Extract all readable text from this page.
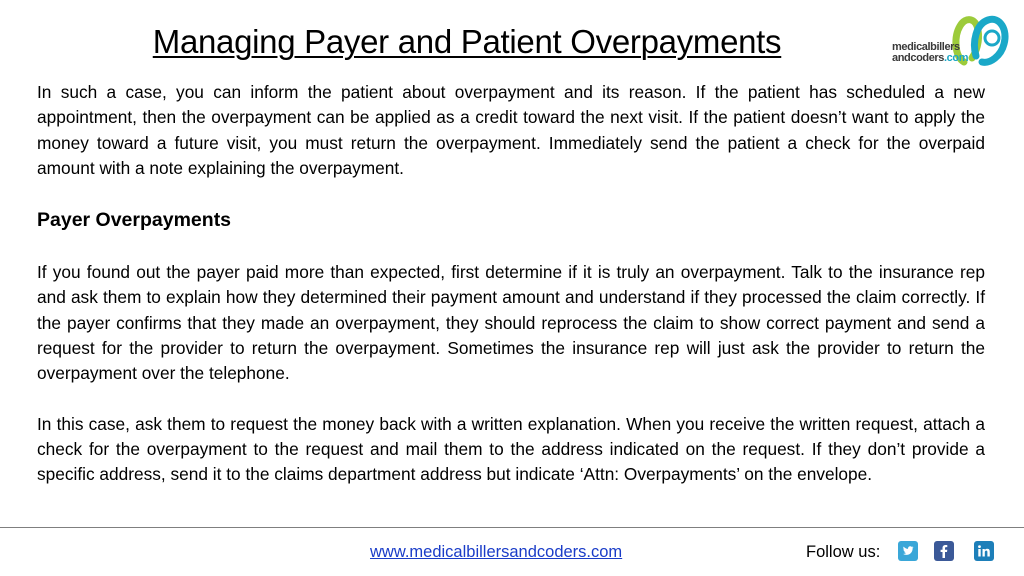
Managing Payer and Patient Overpayments	medicalbillers
andcoders.com

In such a case, you can inform the patient about overpayment and its reason. If the patient has scheduled a new appointment, then the overpayment can be applied as a credit toward the next visit. If the patient doesn’t want to apply the money toward a future visit, you must return the overpayment. Immediately send the patient a check for the overpaid amount with a note explaining the overpayment.

Payer Overpayments

If you found out the payer paid more than expected, first determine if it is truly an overpayment. Talk to the insurance rep and ask them to explain how they determined their payment amount and understand if they processed the claim correctly. If the payer confirms that they made an overpayment, they should reprocess the claim to show correct payment and send a request for the provider to return the overpayment. Sometimes the insurance rep will just ask the provider to return the overpayment over the telephone.

In this case, ask them to request the money back with a written explanation. When you receive the written request, attach a check for the overpayment to the request and mail them to the address indicated on the request. If they don’t provide a specific address, send it to the claims department address but indicate ‘Attn: Overpayments’ on the envelope.

www.medicalbillersandcoders.com	Follow us:
